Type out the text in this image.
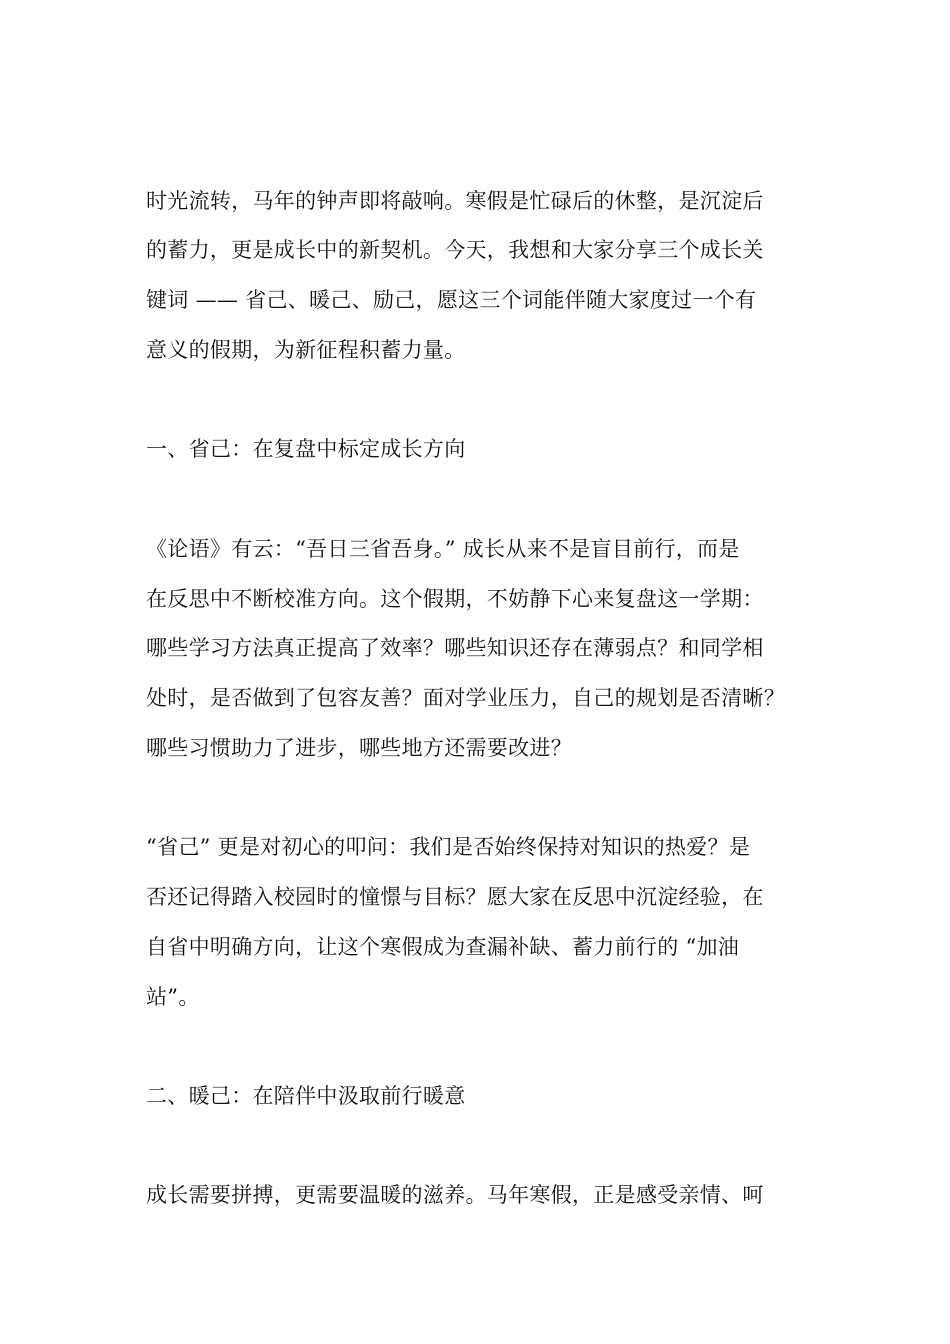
时光流转，马年的钟声即将敲响。寒假是忙碌后的休整，是沉淀后
的蓄力，更是成长中的新契机。今天，我想和大家分享三个成长关
键词 —— 省己、暖己、励己，愿这三个词能伴随大家度过一个有
意义的假期，为新征程积蓄力量。
一、省己：在复盘中标定成长方向
《论语》有云：“吾日三省吾身。” 成长从来不是盲目前行，而是
在反思中不断校准方向。这个假期，不妨静下心来复盘这一学期：
哪些学习方法真正提高了效率？哪些知识还存在薄弱点？和同学相
处时，是否做到了包容友善？面对学业压力，自己的规划是否清晰？
哪些习惯助力了进步，哪些地方还需要改进？
“省己” 更是对初心的叩问：我们是否始终保持对知识的热爱？是
否还记得踏入校园时的憧憬与目标？愿大家在反思中沉淀经验，在
自省中明确方向，让这个寒假成为查漏补缺、蓄力前行的 “加油
站”。
二、暖己：在陪伴中汲取前行暖意
成长需要拼搏，更需要温暖的滋养。马年寒假，正是感受亲情、呵
